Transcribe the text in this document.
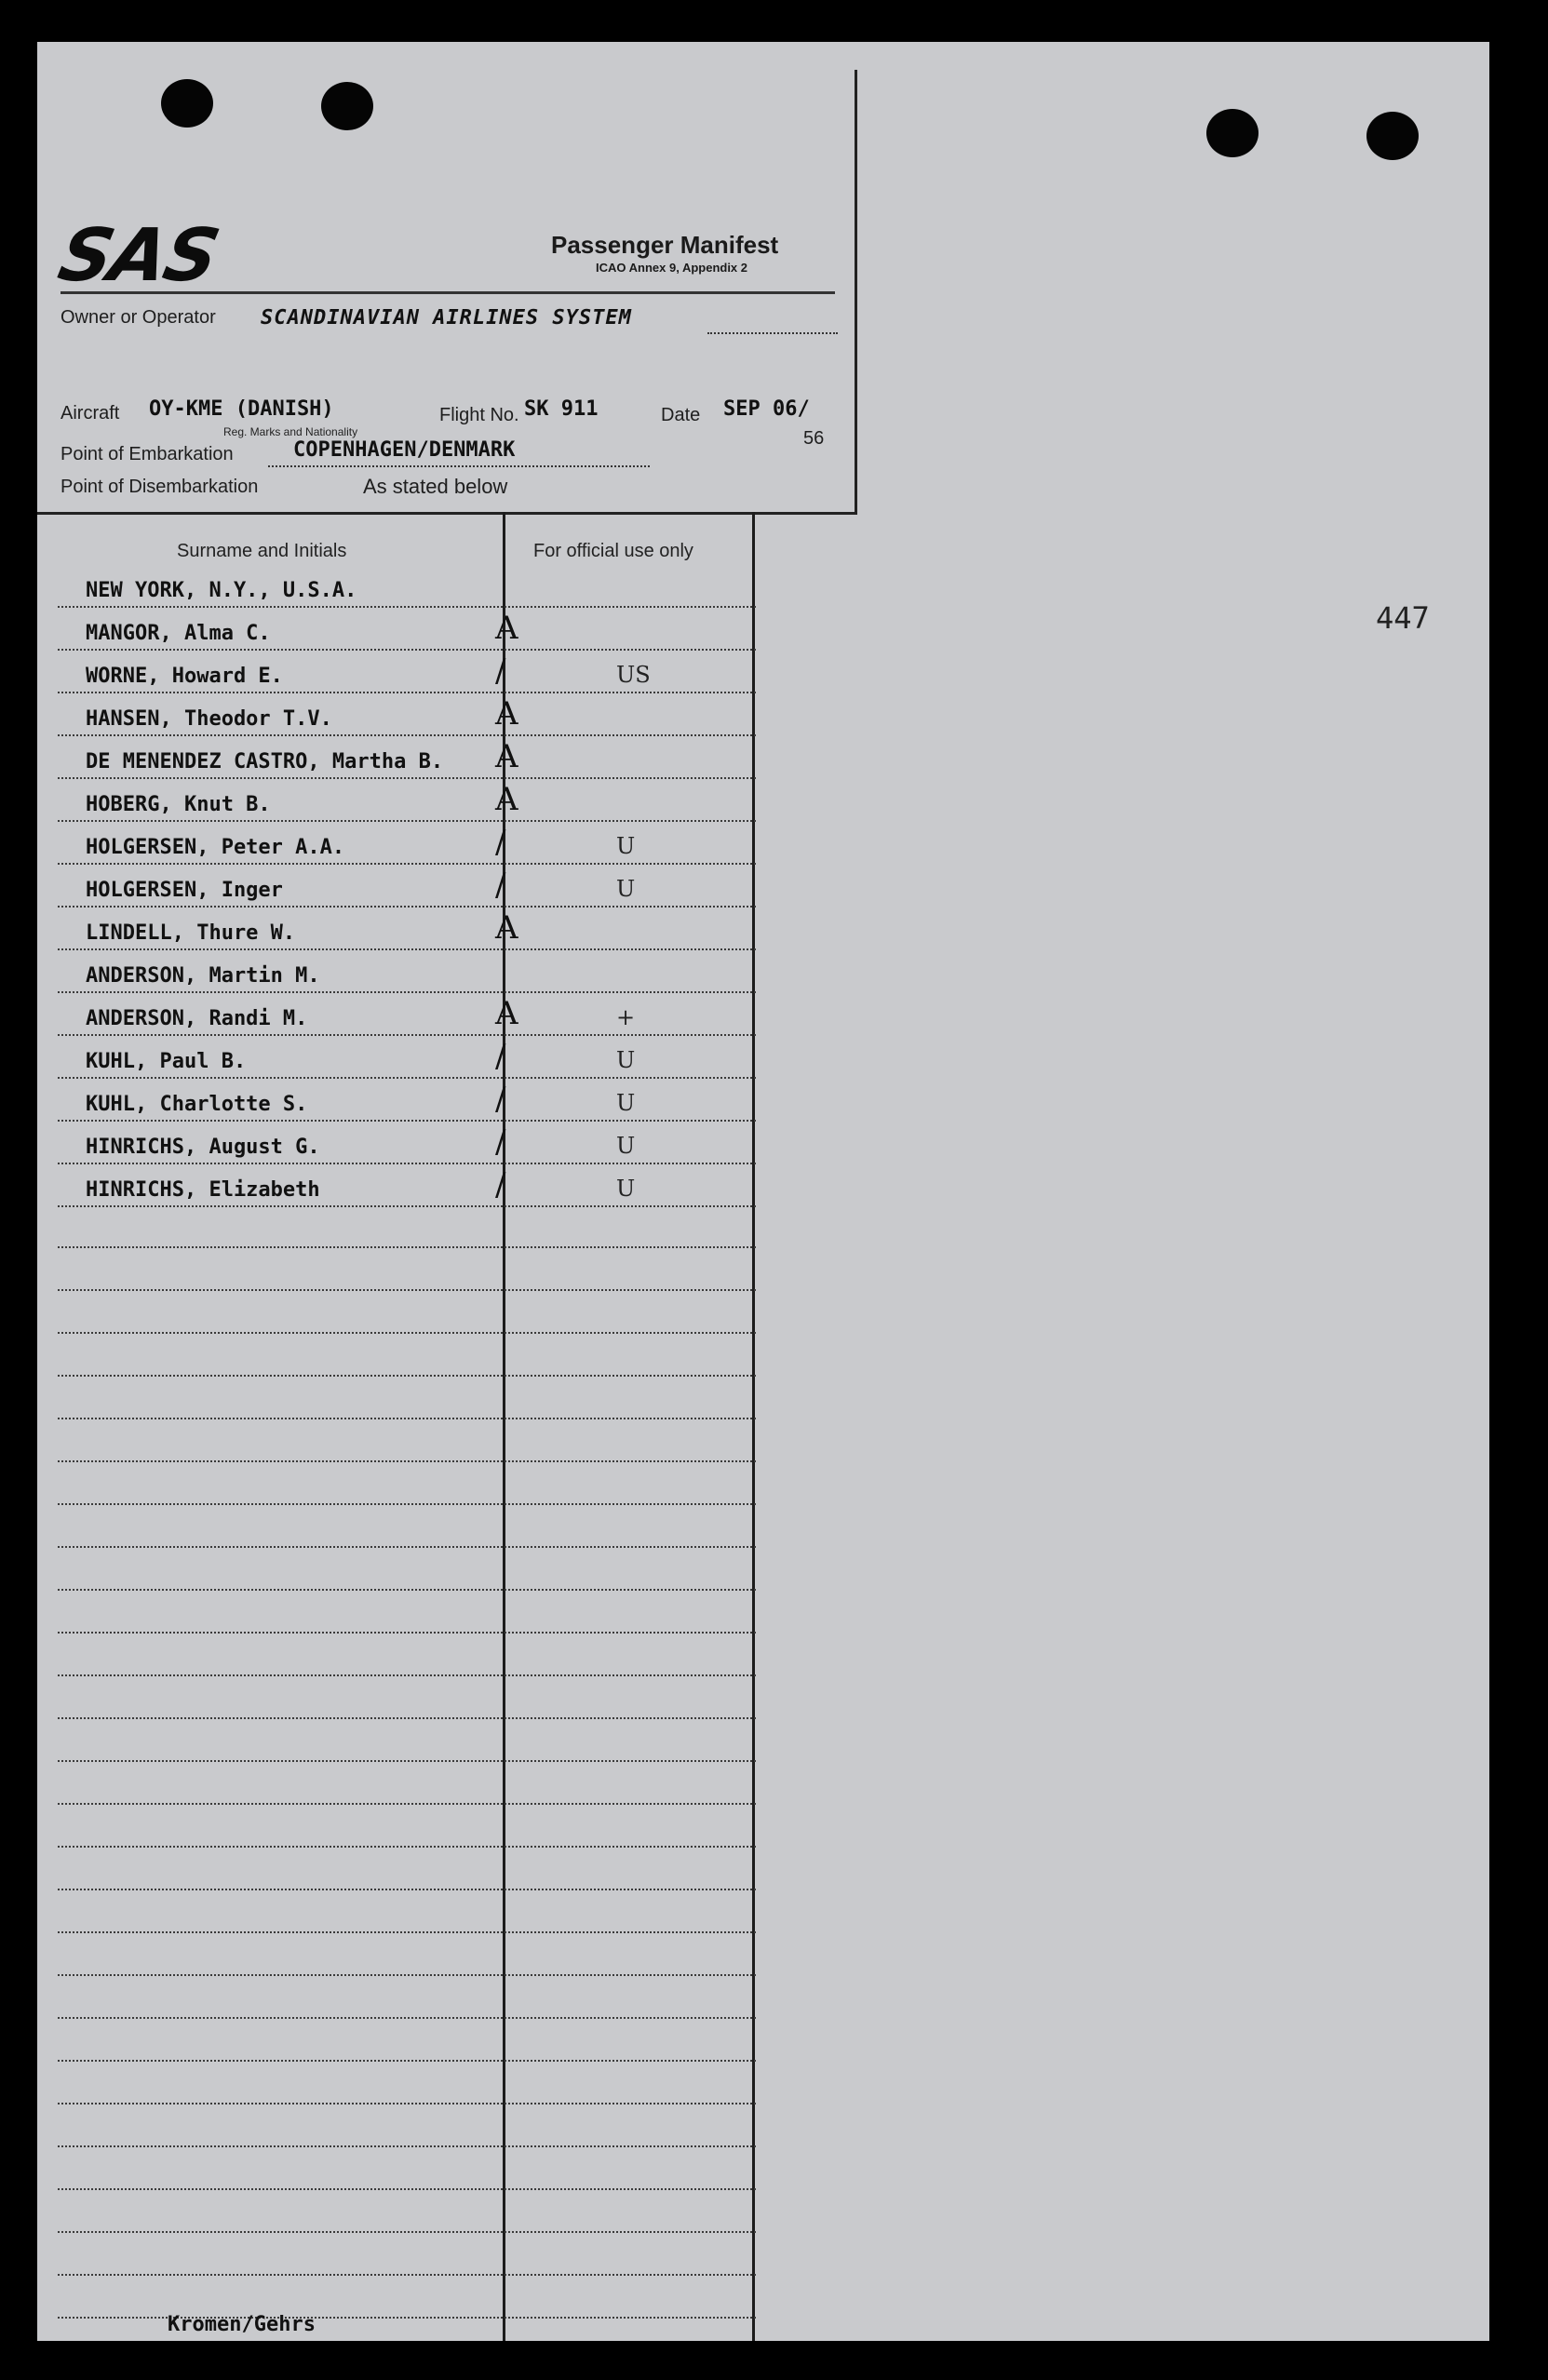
SAS	Passenger Manifest
ICAO Annex 9, Appendix 2
Owner or Operator SCANDINAVIAN AIRLINES SYSTEM
Aircraft OY-KME (DANISH)
Reg. Marks and Nationality
Flight No. SK 911	Date SEP 06/
56
Point of Embarkation	COPENHAGEN/DENMARK
Point of Disembarkation	As stated below
Surname and Initials	For official use only
NEW YORK, N.Y., U.S.A.
MANGOR, Alma C.	A
WORNE, Howard E.	/	US
HANSEN, Theodor T.V.	A
DE MENENDEZ CASTRO, Martha B. A
HOBERG, Knut B.	A
HOLGERSEN, Peter A.A.	/	U
HOLGERSEN, Inger	/	U
LINDELL, Thure W.	A
ANDERSON, Martin M.
ANDERSON, Randi M.	A	+
KUHL, Paul B.	/	U
KUHL, Charlotte S.	/	U
HINRICHS, August G.	/	U
HINRICHS, Elizabeth	/	U
447
Kromen/Gehrs
